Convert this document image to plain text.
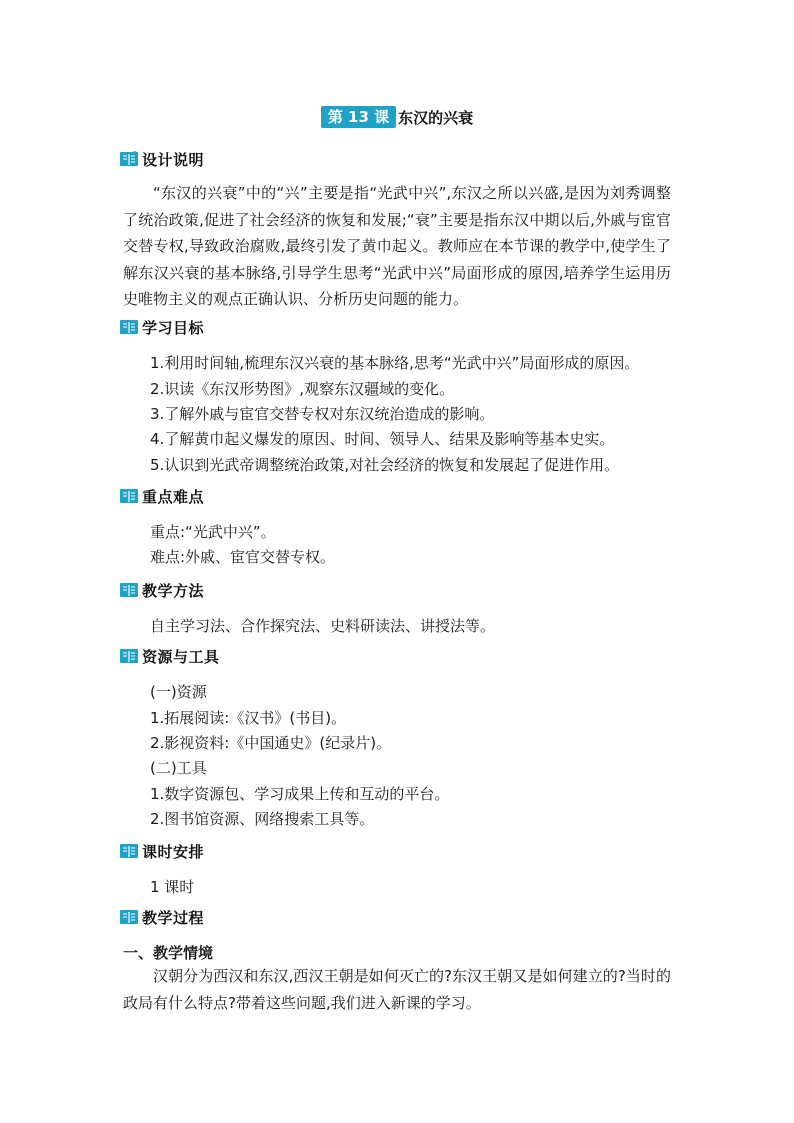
第 13 课 东汉的兴衰
设计说明

“东汉的兴衰”中的“兴”主要是指“光武中兴”,东汉之所以兴盛,是因为刘秀调整了统治政策,促进了社会经济的恢复和发展;“衰”主要是指东汉中期以后,外戚与宦官交替专权,导致政治腐败,最终引发了黄巾起义。教师应在本节课的教学中,使学生了解东汉兴衰的基本脉络,引导学生思考“光武中兴”局面形成的原因,培养学生运用历史唯物主义的观点正确认识、分析历史问题的能力。

学习目标

1.利用时间轴,梳理东汉兴衰的基本脉络,思考“光武中兴”局面形成的原因。

2.识读《东汉形势图》,观察东汉疆域的变化。

3.了解外戚与宦官交替专权对东汉统治造成的影响。

4.了解黄巾起义爆发的原因、时间、领导人、结果及影响等基本史实。

5.认识到光武帝调整统治政策,对社会经济的恢复和发展起了促进作用。

重点难点

重点:“光武中兴”。

难点:外戚、宦官交替专权。

教学方法

自主学习法、合作探究法、史料研读法、讲授法等。

资源与工具

(一)资源

1.拓展阅读:《汉书》(书目)。

2.影视资料:《中国通史》(纪录片)。

(二)工具

1.数字资源包、学习成果上传和互动的平台。

2.图书馆资源、网络搜索工具等。

课时安排

1 课时

教学过程
一、教学情境

汉朝分为西汉和东汉,西汉王朝是如何灭亡的?东汉王朝又是如何建立的?当时的政局有什么特点?带着这些问题,我们进入新课的学习。
